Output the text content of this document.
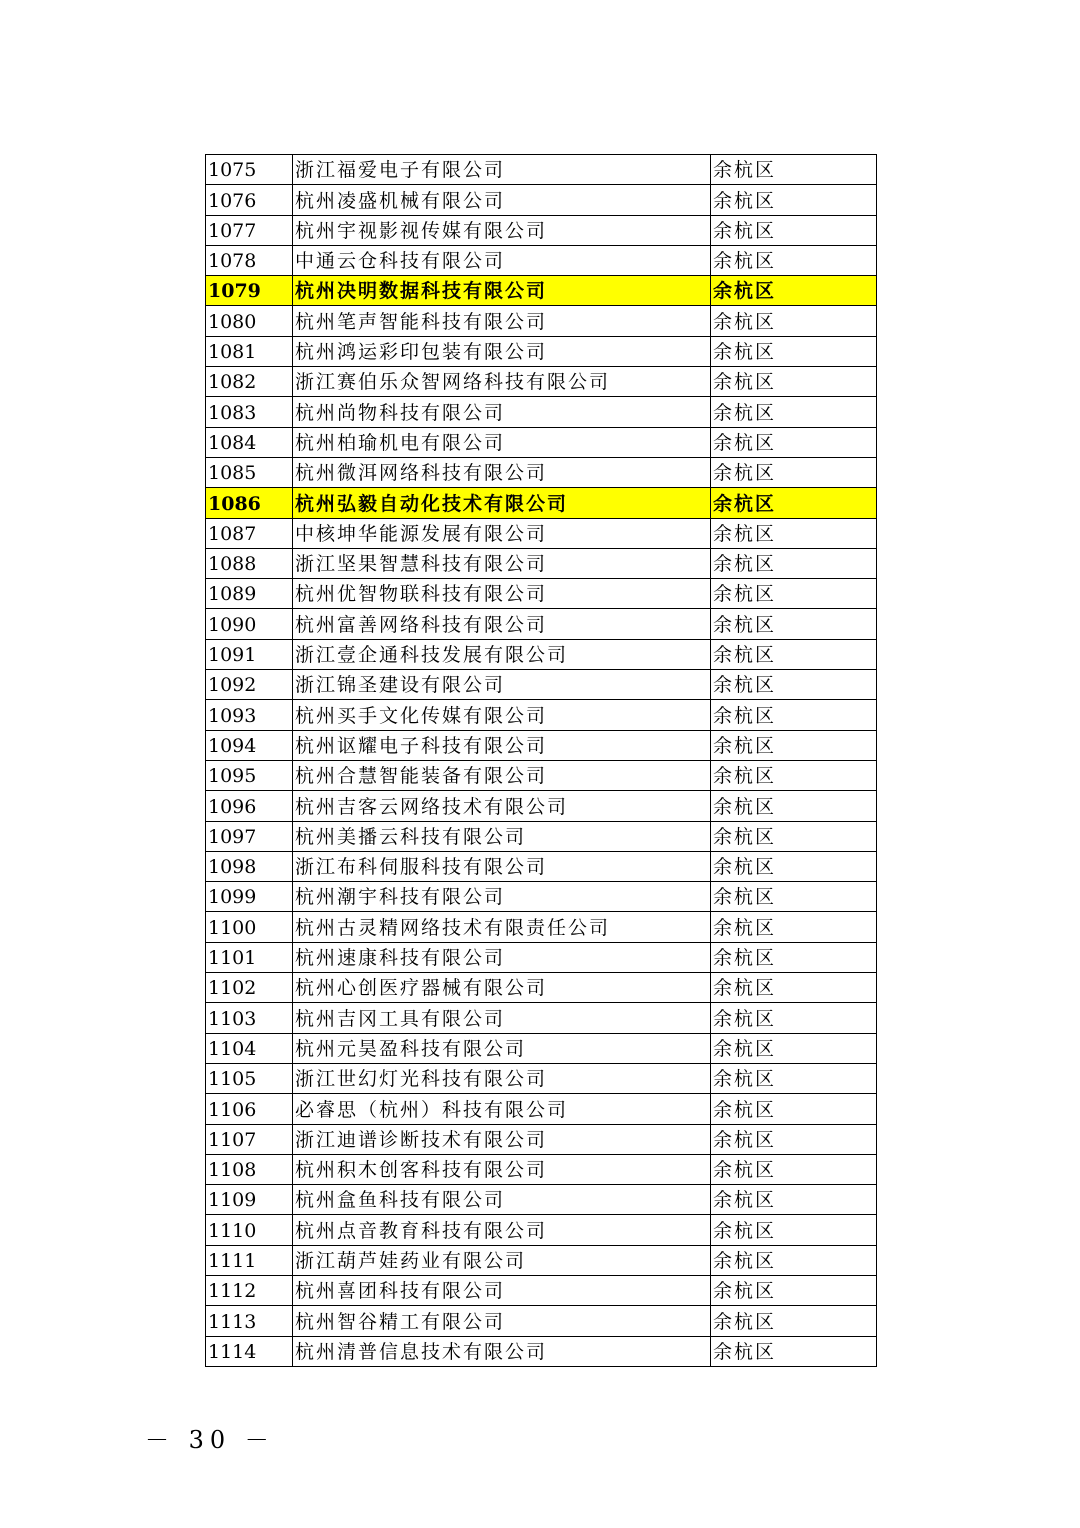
1075	浙江福爱电子有限公司	余杭区
1076	杭州凌盛机械有限公司	余杭区
1077	杭州宇视影视传媒有限公司	余杭区
1078	中通云仓科技有限公司	余杭区
1079	杭州决明数据科技有限公司	余杭区
1080	杭州笔声智能科技有限公司	余杭区
1081	杭州鸿运彩印包装有限公司	余杭区
1082	浙江赛伯乐众智网络科技有限公司	余杭区
1083	杭州尚物科技有限公司	余杭区
1084	杭州柏瑜机电有限公司	余杭区
1085	杭州微洱网络科技有限公司	余杭区
1086	杭州弘毅自动化技术有限公司	余杭区
1087	中核坤华能源发展有限公司	余杭区
1088	浙江坚果智慧科技有限公司	余杭区
1089	杭州优智物联科技有限公司	余杭区
1090	杭州富善网络科技有限公司	余杭区
1091	浙江壹企通科技发展有限公司	余杭区
1092	浙江锦圣建设有限公司	余杭区
1093	杭州买手文化传媒有限公司	余杭区
1094	杭州讴耀电子科技有限公司	余杭区
1095	杭州合慧智能装备有限公司	余杭区
1096	杭州吉客云网络技术有限公司	余杭区
1097	杭州美播云科技有限公司	余杭区
1098	浙江布科伺服科技有限公司	余杭区
1099	杭州潮宇科技有限公司	余杭区
1100	杭州古灵精网络技术有限责任公司	余杭区
1101	杭州速康科技有限公司	余杭区
1102	杭州心创医疗器械有限公司	余杭区
1103	杭州吉冈工具有限公司	余杭区
1104	杭州元昊盈科技有限公司	余杭区
1105	浙江世幻灯光科技有限公司	余杭区
1106	必睿思（杭州）科技有限公司	余杭区
1107	浙江迪谱诊断技术有限公司	余杭区
1108	杭州积木创客科技有限公司	余杭区
1109	杭州盒鱼科技有限公司	余杭区
1110	杭州点音教育科技有限公司	余杭区
1111	浙江葫芦娃药业有限公司	余杭区
1112	杭州喜团科技有限公司	余杭区
1113	杭州智谷精工有限公司	余杭区
1114	杭州清普信息技术有限公司	余杭区
－ 30 －
